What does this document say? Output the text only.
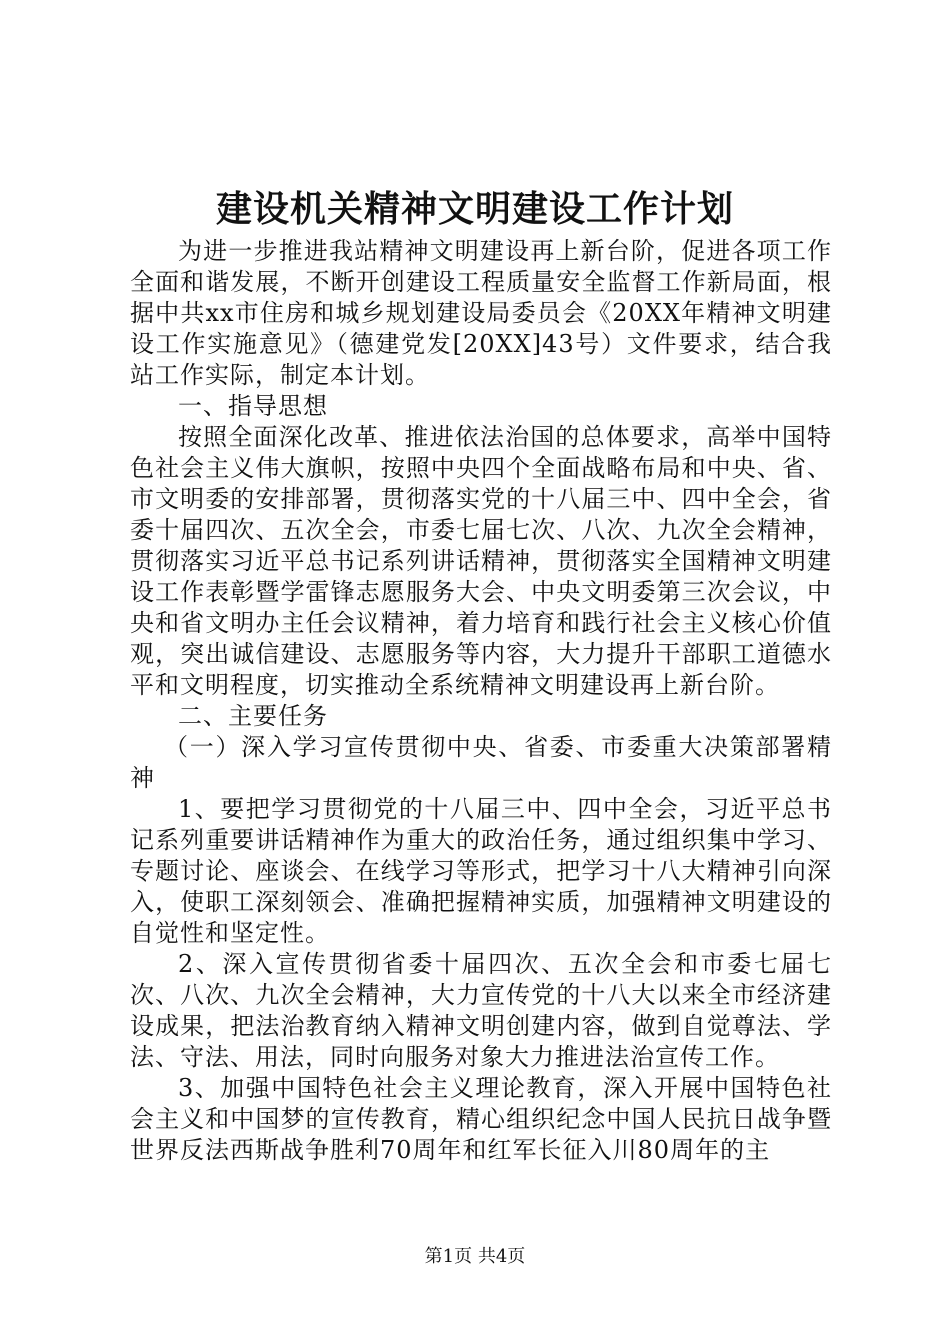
建设机关精神文明建设工作计划

为进一步推进我站精神文明建设再上新台阶，促进各项工作全面和谐发展，不断开创建设工程质量安全监督工作新局面，根据中共xx市住房和城乡规划建设局委员会《20XX年精神文明建设工作实施意见》（德建党发[20XX]43号）文件要求，结合我站工作实际，制定本计划。

一、指导思想

按照全面深化改革、推进依法治国的总体要求，高举中国特色社会主义伟大旗帜，按照中央四个全面战略布局和中央、省、市文明委的安排部署，贯彻落实党的十八届三中、四中全会，省委十届四次、五次全会，市委七届七次、八次、九次全会精神，贯彻落实习近平总书记系列讲话精神，贯彻落实全国精神文明建设工作表彰暨学雷锋志愿服务大会、中央文明委第三次会议，中央和省文明办主任会议精神，着力培育和践行社会主义核心价值观，突出诚信建设、志愿服务等内容，大力提升干部职工道德水平和文明程度，切实推动全系统精神文明建设再上新台阶。

二、主要任务

（一）深入学习宣传贯彻中央、省委、市委重大决策部署精神

1、要把学习贯彻党的十八届三中、四中全会，习近平总书记系列重要讲话精神作为重大的政治任务，通过组织集中学习、专题讨论、座谈会、在线学习等形式，把学习十八大精神引向深入，使职工深刻领会、准确把握精神实质，加强精神文明建设的自觉性和坚定性。

2、深入宣传贯彻省委十届四次、五次全会和市委七届七次、八次、九次全会精神，大力宣传党的十八大以来全市经济建设成果，把法治教育纳入精神文明创建内容，做到自觉尊法、学法、守法、用法，同时向服务对象大力推进法治宣传工作。

3、加强中国特色社会主义理论教育，深入开展中国特色社会主义和中国梦的宣传教育，精心组织纪念中国人民抗日战争暨世界反法西斯战争胜利70周年和红军长征入川80周年的主

第1页 共4页
